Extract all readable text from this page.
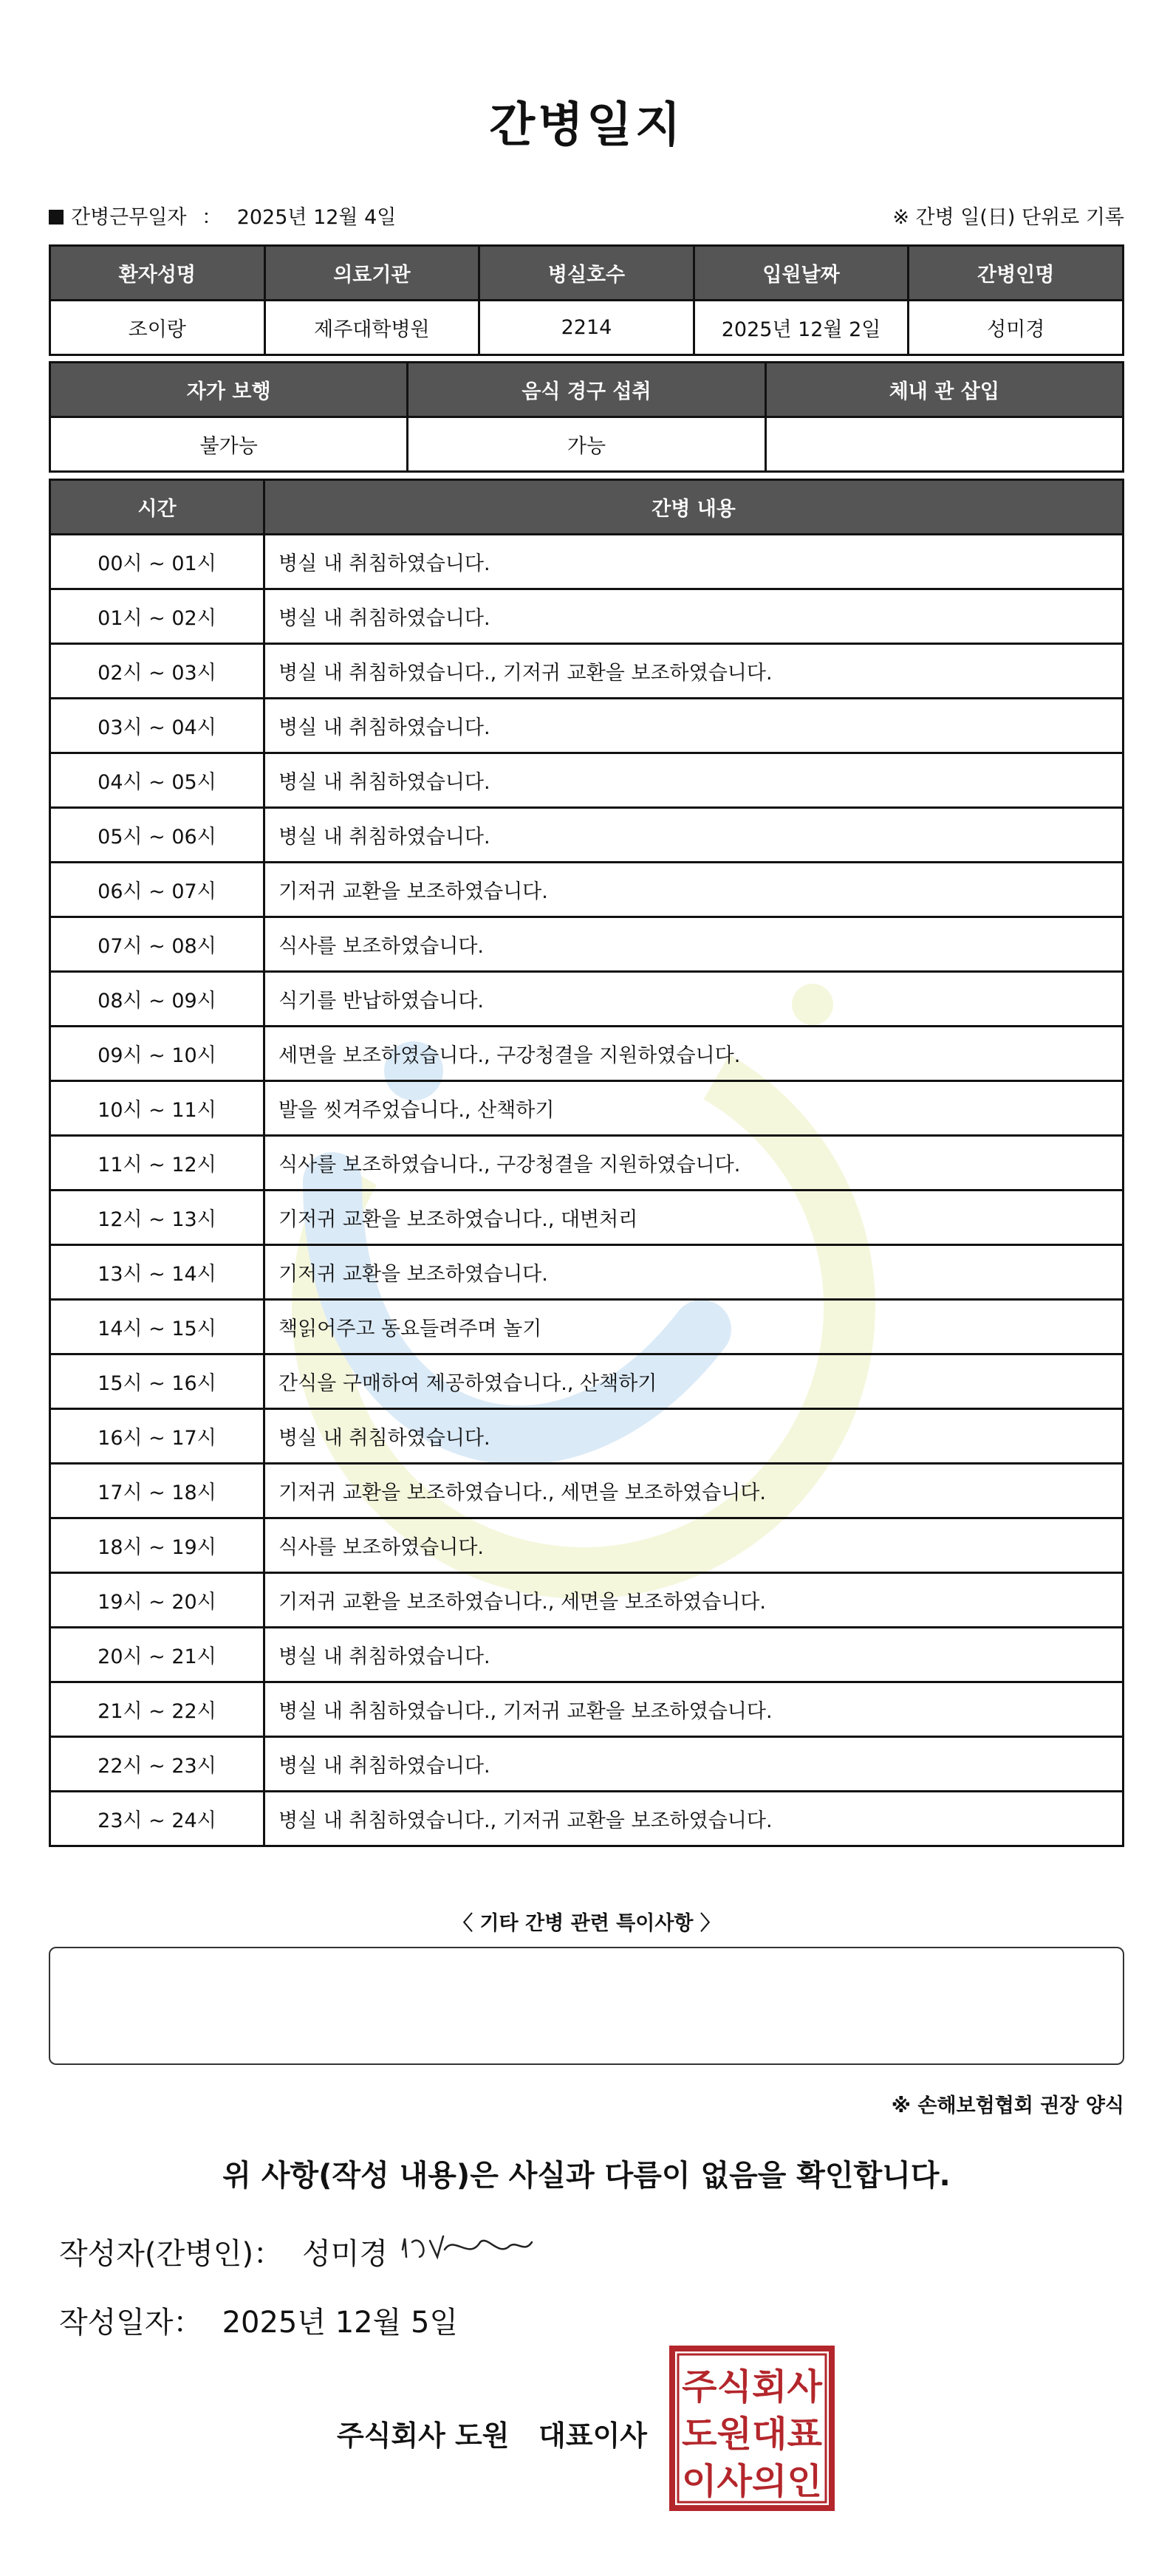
간병일지
간병근무일자 ： 2025년 12월 4일	※ 간병 일(日) 단위로 기록
환자성명	의료기관	병실호수	입원날짜	간병인명
조이랑	제주대학병원	2214	2025년 12월 2일	성미경
자가 보행	음식 경구 섭취	체내 관 삽입
불가능	가능	
시간	간병 내용
00시 ~ 01시	병실 내 취침하였습니다.
01시 ~ 02시	병실 내 취침하였습니다.
02시 ~ 03시	병실 내 취침하였습니다., 기저귀 교환을 보조하였습니다.
03시 ~ 04시	병실 내 취침하였습니다.
04시 ~ 05시	병실 내 취침하였습니다.
05시 ~ 06시	병실 내 취침하였습니다.
06시 ~ 07시	기저귀 교환을 보조하였습니다.
07시 ~ 08시	식사를 보조하였습니다.
08시 ~ 09시	식기를 반납하였습니다.
09시 ~ 10시	세면을 보조하였습니다., 구강청결을 지원하였습니다.
10시 ~ 11시	발을 씻겨주었습니다., 산책하기
11시 ~ 12시	식사를 보조하였습니다., 구강청결을 지원하였습니다.
12시 ~ 13시	기저귀 교환을 보조하였습니다., 대변처리
13시 ~ 14시	기저귀 교환을 보조하였습니다.
14시 ~ 15시	책읽어주고 동요들려주며 놀기
15시 ~ 16시	간식을 구매하여 제공하였습니다., 산책하기
16시 ~ 17시	병실 내 취침하였습니다.
17시 ~ 18시	기저귀 교환을 보조하였습니다., 세면을 보조하였습니다.
18시 ~ 19시	식사를 보조하였습니다.
19시 ~ 20시	기저귀 교환을 보조하였습니다., 세면을 보조하였습니다.
20시 ~ 21시	병실 내 취침하였습니다.
21시 ~ 22시	병실 내 취침하였습니다., 기저귀 교환을 보조하였습니다.
22시 ~ 23시	병실 내 취침하였습니다.
23시 ~ 24시	병실 내 취침하였습니다., 기저귀 교환을 보조하였습니다.
〈 기타 간병 관련 특이사항 〉
※ 손해보험협회 권장 양식
위 사항(작성 내용)은 사실과 다름이 없음을 확인합니다.
작성자(간병인)： 성미경
작성일자： 2025년 12월 5일
주식회사 도원   대표이사
주식회사
도원대표
이사의인
